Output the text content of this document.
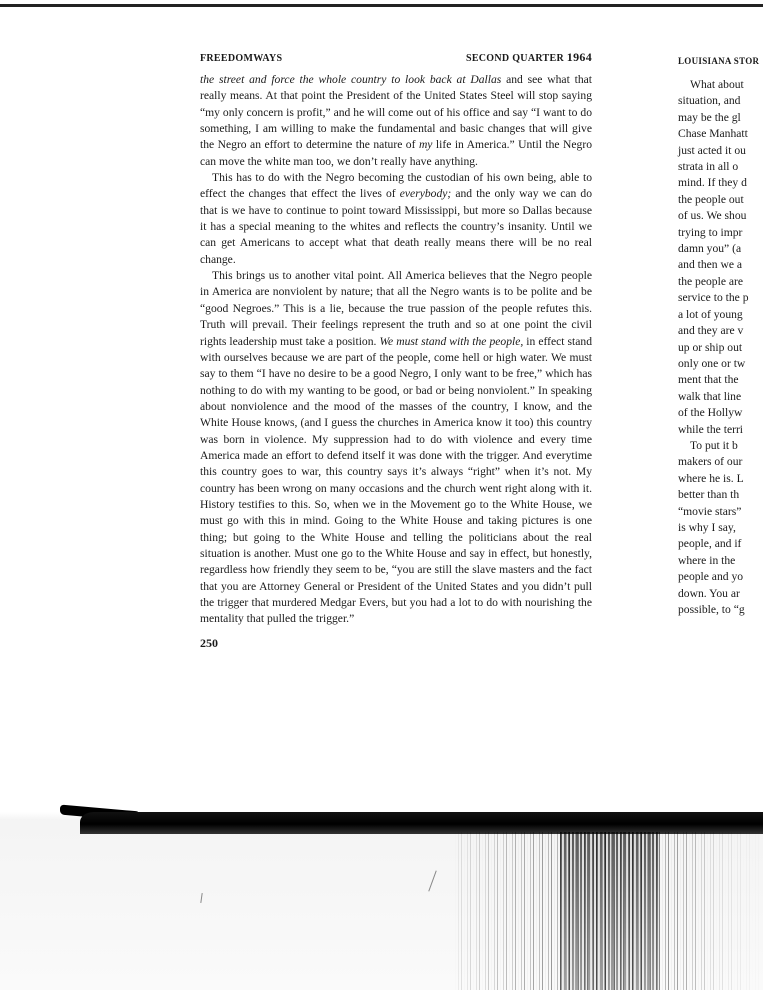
FREEDOMWAYS	SECOND QUARTER 1964

the street and force the whole country to look back at Dallas and see what that really means. At that point the President of the United States Steel will stop saying “my only concern is profit,” and he will come out of his office and say “I want to do something, I am willing to make the fundamental and basic changes that will give the Negro an effort to determine the nature of my life in America.” Until the Negro can move the white man too, we don’t really have anything.

This has to do with the Negro becoming the custodian of his own being, able to effect the changes that effect the lives of everybody; and the only way we can do that is we have to continue to point toward Mississippi, but more so Dallas because it has a special meaning to the whites and reflects the country’s insanity. Until we can get Americans to accept what that death really means there will be no real change.

This brings us to another vital point. All America believes that the Negro people in America are nonviolent by nature; that all the Negro wants is to be polite and be “good Negroes.” This is a lie, because the true passion of the people refutes this. Truth will prevail. Their feelings represent the truth and so at one point the civil rights leadership must take a position. We must stand with the people, in effect stand with ourselves because we are part of the people, come hell or high water. We must say to them “I have no desire to be a good Negro, I only want to be free,” which has nothing to do with my wanting to be good, or bad or being nonviolent.” In speaking about nonviolence and the mood of the masses of the country, I know, and the White House knows, (and I guess the churches in America know it too) this country was born in violence. My suppression had to do with violence and every time America made an effort to defend itself it was done with the trigger. And everytime this country goes to war, this country says it’s always “right” when it’s not. My country has been wrong on many occasions and the church went right along with it. History testifies to this. So, when we in the Movement go to the White House, we must go with this in mind. Going to the White House and taking pictures is one thing; but going to the White House and telling the politicians about the real situation is another. Must one go to the White House and say in effect, but honestly, regardless how friendly they seem to be, “you are still the slave masters and the fact that you are Attorney General or President of the United States and you didn’t pull the trigger that murdered Medgar Evers, but you had a lot to do with nourishing the mentality that pulled the trigger.”

250
LOUISIANA STOR
What about
situation, and
may be the gl
Chase Manhatt
just acted it ou
strata in all o
mind. If they d
the people out
of us. We shou
trying to impr
damn you” (a
and then we a
the people are
service to the p
a lot of young
and they are v
up or ship out
only one or tw
ment that the
walk that line
of the Hollyw
while the terri
To put it b
makers of our
where he is. L
better than th
“movie stars”
is why I say,
people, and if
where in the
people and yo
down. You ar
possible, to “g
